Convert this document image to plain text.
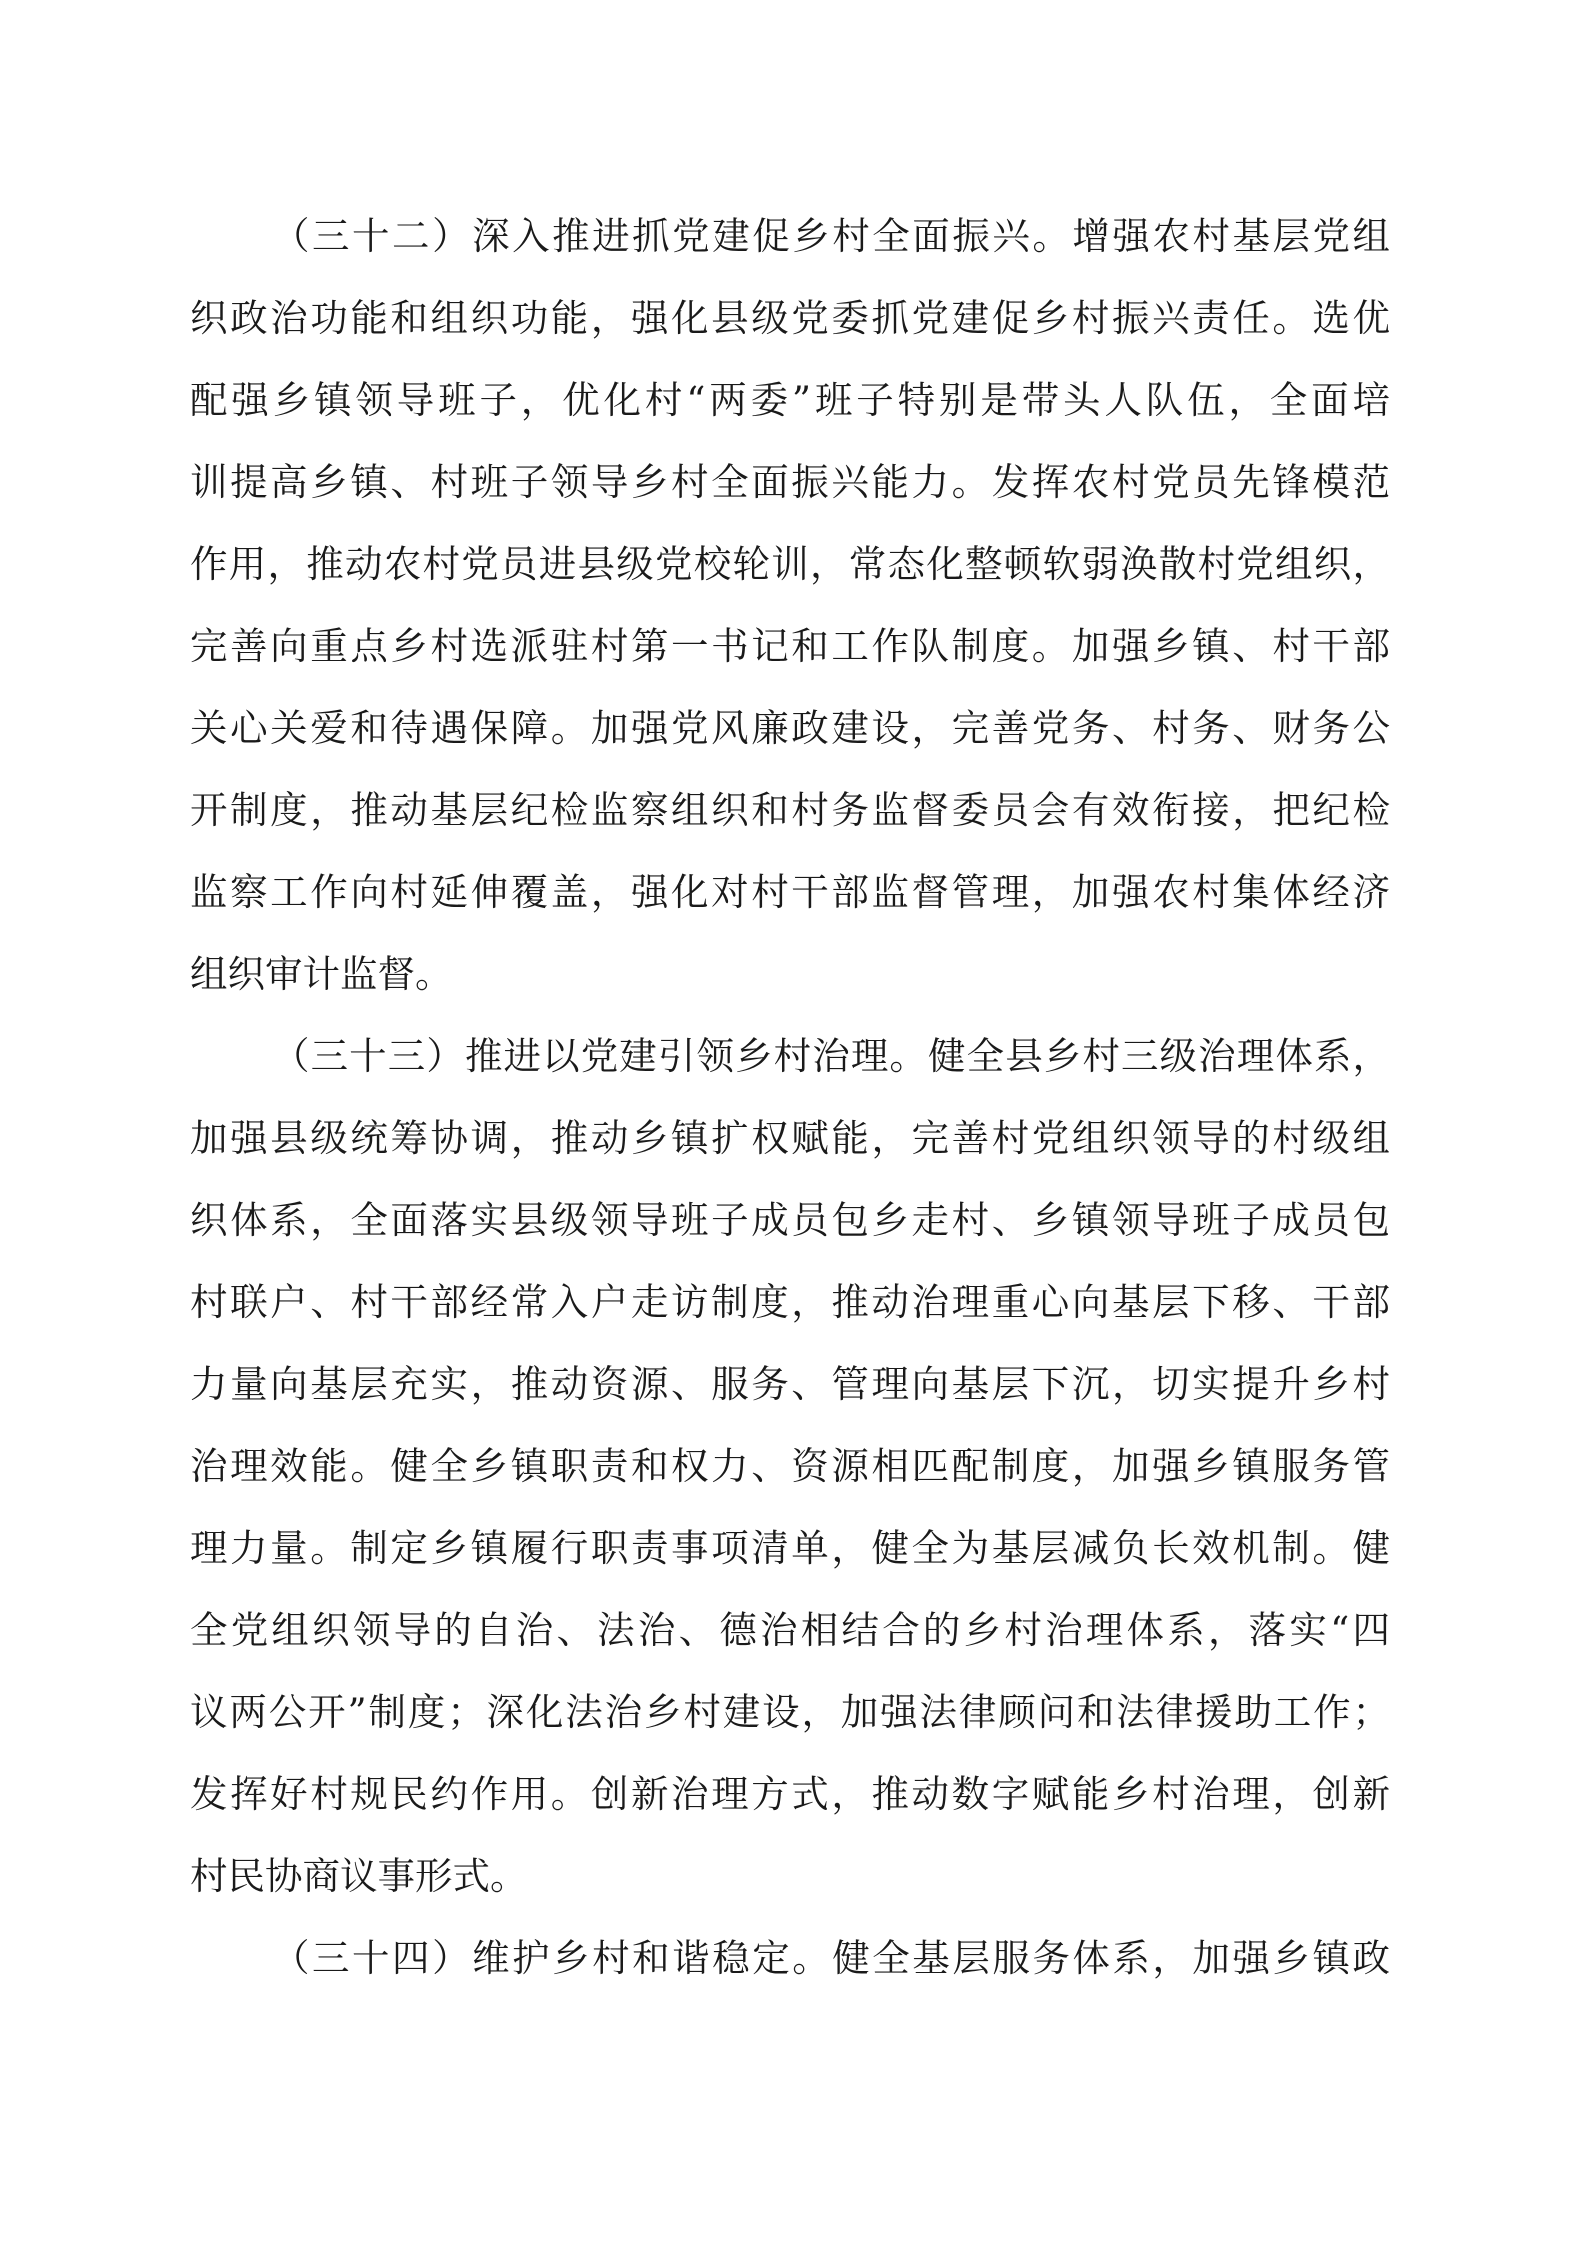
（三十二）深入推进抓党建促乡村全面振兴。增强农村基层党组
织政治功能和组织功能，强化县级党委抓党建促乡村振兴责任。选优
配强乡镇领导班子，优化村“两委”班子特别是带头人队伍，全面培
训提高乡镇、村班子领导乡村全面振兴能力。发挥农村党员先锋模范
作用，推动农村党员进县级党校轮训，常态化整顿软弱涣散村党组织，
完善向重点乡村选派驻村第一书记和工作队制度。加强乡镇、村干部
关心关爱和待遇保障。加强党风廉政建设，完善党务、村务、财务公
开制度，推动基层纪检监察组织和村务监督委员会有效衔接，把纪检
监察工作向村延伸覆盖，强化对村干部监督管理，加强农村集体经济
组织审计监督。
（三十三）推进以党建引领乡村治理。健全县乡村三级治理体系，
加强县级统筹协调，推动乡镇扩权赋能，完善村党组织领导的村级组
织体系，全面落实县级领导班子成员包乡走村、乡镇领导班子成员包
村联户、村干部经常入户走访制度，推动治理重心向基层下移、干部
力量向基层充实，推动资源、服务、管理向基层下沉，切实提升乡村
治理效能。健全乡镇职责和权力、资源相匹配制度，加强乡镇服务管
理力量。制定乡镇履行职责事项清单，健全为基层减负长效机制。健
全党组织领导的自治、法治、德治相结合的乡村治理体系，落实“四
议两公开”制度；深化法治乡村建设，加强法律顾问和法律援助工作；
发挥好村规民约作用。创新治理方式，推动数字赋能乡村治理，创新
村民协商议事形式。
（三十四）维护乡村和谐稳定。健全基层服务体系，加强乡镇政
